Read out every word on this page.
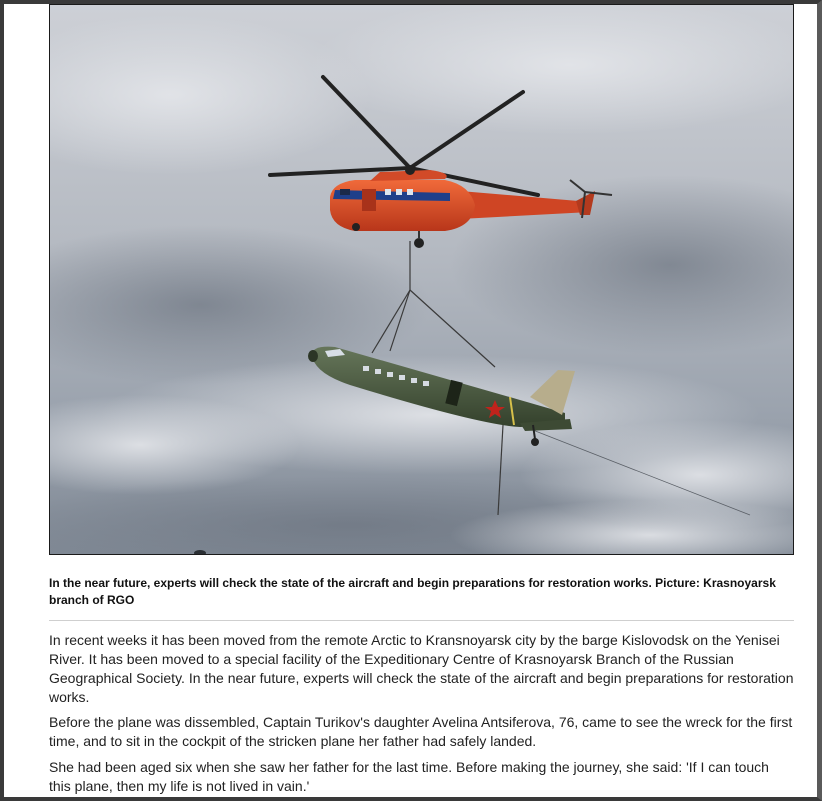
In the near future, experts will check the state of the aircraft and begin preparations for restoration works. Picture: Krasnoyarsk branch of RGO

In recent weeks it has been moved from the remote Arctic to Kransnoyarsk city by the barge Kislovodsk on the Yenisei River. It has been moved to a special facility of the Expeditionary Centre of Krasnoyarsk Branch of the Russian Geographical Society. In the near future, experts will check the state of the aircraft and begin preparations for restoration works.

Before the plane was dissembled, Captain Turikov's daughter Avelina Antsiferova, 76, came to see the wreck for the first time, and to sit in the cockpit of the stricken plane her father had safely landed.

She had been aged six when she saw her father for the last time. Before making the journey, she said: 'If I can touch this plane, then my life is not lived in vain.'
